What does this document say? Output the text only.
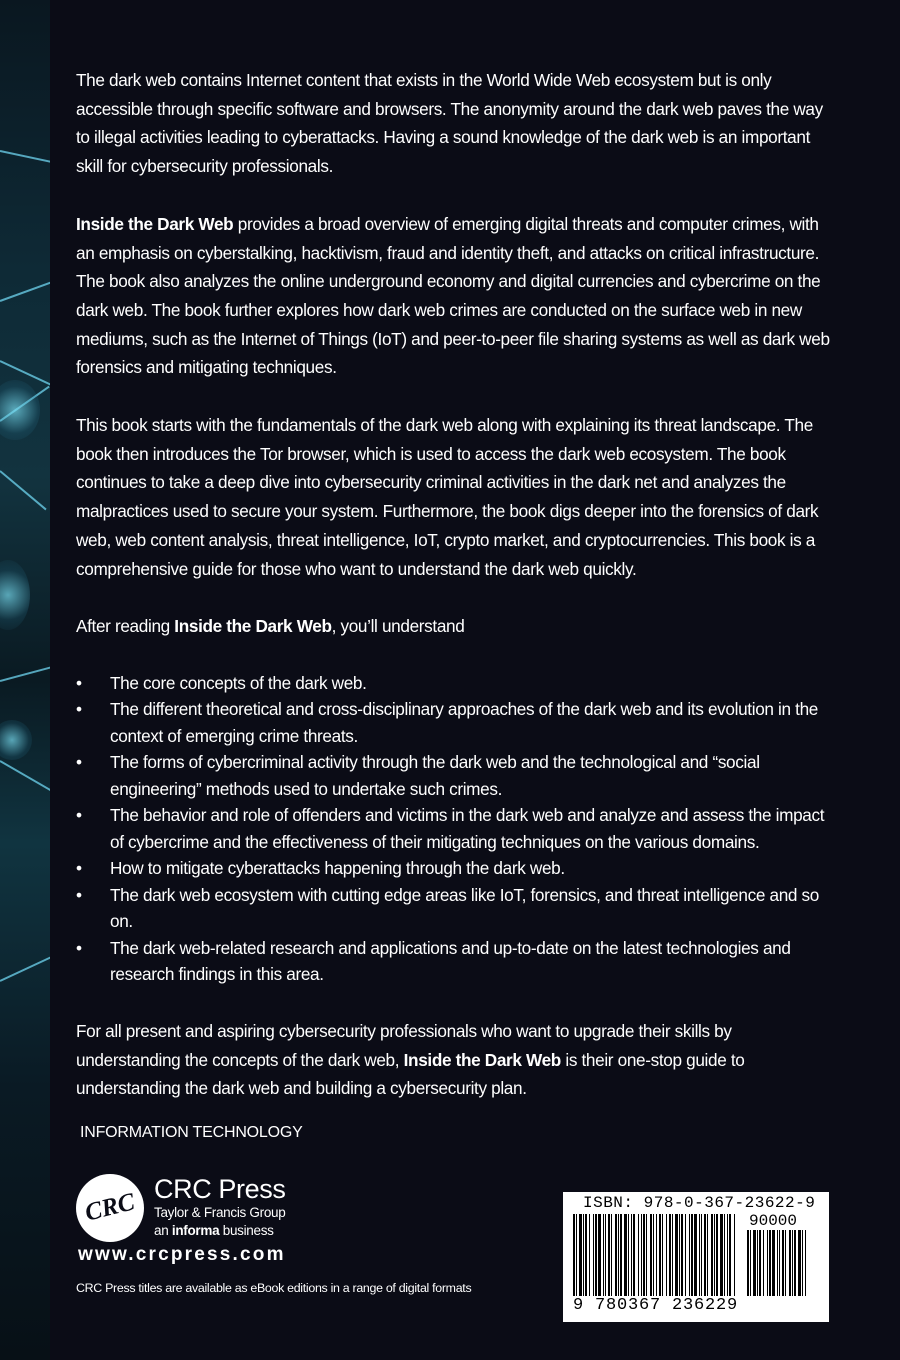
The dark web contains Internet content that exists in the World Wide Web ecosystem but is only accessible through specific software and browsers. The anonymity around the dark web paves the way to illegal activities leading to cyberattacks. Having a sound knowledge of the dark web is an important skill for cybersecurity professionals.

Inside the Dark Web provides a broad overview of emerging digital threats and computer crimes, with an emphasis on cyberstalking, hacktivism, fraud and identity theft, and attacks on critical infrastructure. The book also analyzes the online underground economy and digital currencies and cybercrime on the dark web. The book further explores how dark web crimes are conducted on the surface web in new mediums, such as the Internet of Things (IoT) and peer-to-peer file sharing systems as well as dark web forensics and mitigating techniques.

This book starts with the fundamentals of the dark web along with explaining its threat landscape. The book then introduces the Tor browser, which is used to access the dark web ecosystem. The book continues to take a deep dive into cybersecurity criminal activities in the dark net and analyzes the malpractices used to secure your system. Furthermore, the book digs deeper into the forensics of dark web, web content analysis, threat intelligence, IoT, crypto market, and cryptocurrencies. This book is a comprehensive guide for those who want to understand the dark web quickly.

After reading Inside the Dark Web, you’ll understand

• The core concepts of the dark web.
• The different theoretical and cross-disciplinary approaches of the dark web and its evolution in the context of emerging crime threats.
• The forms of cybercriminal activity through the dark web and the technological and “social engineering” methods used to undertake such crimes.
• The behavior and role of offenders and victims in the dark web and analyze and assess the impact of cybercrime and the effectiveness of their mitigating techniques on the various domains.
• How to mitigate cyberattacks happening through the dark web.
• The dark web ecosystem with cutting edge areas like IoT, forensics, and threat intelligence and so on.
• The dark web-related research and applications and up-to-date on the latest technologies and research findings in this area.

For all present and aspiring cybersecurity professionals who want to upgrade their skills by understanding the concepts of the dark web, Inside the Dark Web is their one-stop guide to understanding the dark web and building a cybersecurity plan.

INFORMATION TECHNOLOGY
CRC CRC Press
Taylor & Francis Group
an informa business
www.crcpress.com
CRC Press titles are available as eBook editions in a range of digital formats
ISBN: 978-0-367-23622-9
90000
9 780367 236229
